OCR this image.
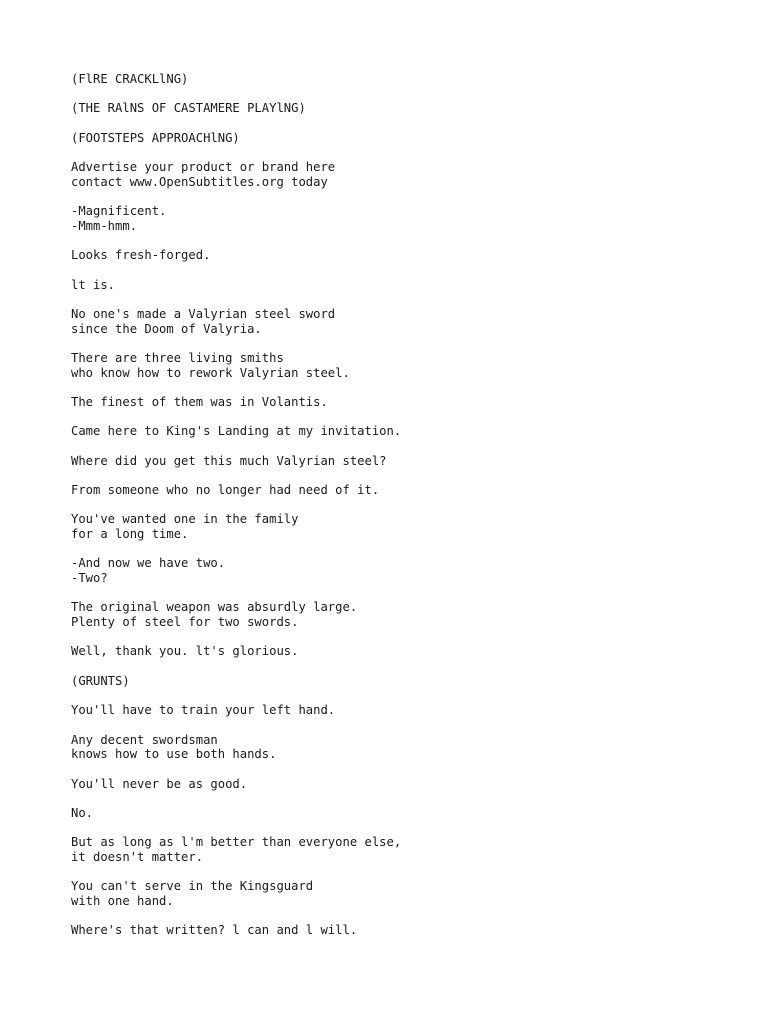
(FlRE CRACKLlNG)
(THE RAlNS OF CASTAMERE PLAYlNG)
(FOOTSTEPS APPROACHlNG)
Advertise your product or brand here
contact www.OpenSubtitles.org today
-Magnificent.
-Mmm-hmm.
Looks fresh-forged.
lt is.
No one's made a Valyrian steel sword
since the Doom of Valyria.
There are three living smiths
who know how to rework Valyrian steel.
The finest of them was in Volantis.
Came here to King's Landing at my invitation.
Where did you get this much Valyrian steel?
From someone who no longer had need of it.
You've wanted one in the family
for a long time.
-And now we have two.
-Two?
The original weapon was absurdly large.
Plenty of steel for two swords.
Well, thank you. lt's glorious.
(GRUNTS)
You'll have to train your left hand.
Any decent swordsman
knows how to use both hands.
You'll never be as good.
No.
But as long as l'm better than everyone else,
it doesn't matter.
You can't serve in the Kingsguard
with one hand.
Where's that written? l can and l will.
